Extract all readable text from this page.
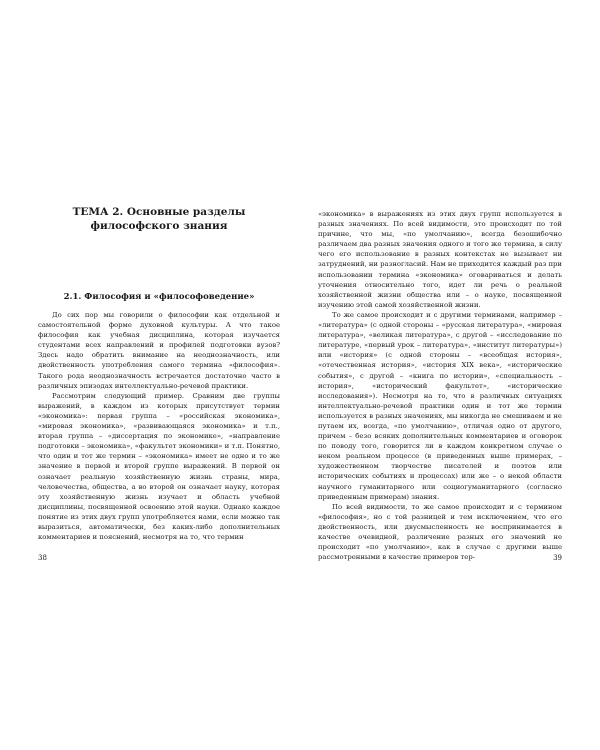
ТЕМА 2. Основные разделы
философского знания
2.1. Философия и «философоведение»

До сих пор мы говорили о философии как отдельной и самостоятельной форме духовной культуры. А что такое философия как учебная дисциплина, которая изучается студентами всех направлений и профилей подготовки вузов? Здесь надо обратить внимание на неоднозначность, или двойственность употребления самого термина «философия». Такого рода неоднозначность встречается достаточно часто в различных эпизодах интеллектуально-речевой практики.

Рассмотрим следующий пример. Сравним две группы выражений, в каждом из которых присутствует термин «экономика»: первая группа – «российская экономика», «мировая экономика», «развивающаяся экономика» и т.п., вторая группа – «диссертация по экономике», «направление подготовки – экономика», «факультет экономики» и т.п. Понятно, что один и тот же термин – «экономика» имеет не одно и то же значение в первой и второй группе выражений. В первой он означает реальную хозяйственную жизнь страны, мира, человечества, общества, а во второй он означает науку, которая эту хозяйственную жизнь изучает и область учебной дисциплины, посвященной освоению этой науки. Однако каждое понятие из этих двух групп употребляется нами, если можно так выразиться, автоматически, без каких-либо дополнительных комментариев и пояснений, несмотря на то, что термин

38

«экономика» в выражениях из этих двух групп используется в разных значениях. По всей видимости, это происходит по той причине, что мы, «по умолчанию», всегда безошибочно различаем два разных значения одного и того же термина, в силу чего его использование в разных контекстах не вызывает ни затруднений, ни разногласий. Нам не приходится каждый раз при использовании термина «экономика» оговариваться и делать уточнения относительно того, идет ли речь о реальной хозяйственной жизни общества или – о науке, посвященной изучению этой самой хозяйственной жизни.

То же самое происходит и с другими терминами, например – «литература» (с одной стороны – «русская литература», «мировая литература», «великая литература», с другой – «исследование по литературе, «первый урок – литература», «институт литературы») или «история» (с одной стороны – «всеобщая история», «отечественная история», «история XIX века», «исторические события», с другой – «книга по истории», «специальность – история», «исторический факультет», «исторические исследования»). Несмотря на то, что в различных ситуациях интеллектуально-речевой практики один и тот же термин используется в разных значениях, мы никогда не смешиваем и не путаем их, всегда, «по умолчанию», отличая одно от другого, причем – безо всяких дополнительных комментариев и оговорок по поводу того, говорится ли в каждом конкретном случае о неком реальном процессе (в приведенных выше примерах, – художественном творчестве писателей и поэтов или исторических событиях и процессах) или же – о некой области научного гуманитарного или социогуманитарного (согласно приведенным примерам) знания.

По всей видимости, то же самое происходит и с термином «философия», но с той разницей и тем исключением, что его двойственность, или двусмысленность не воспринимается в качестве очевидной, различение разных его значений не происходит «по умолчанию», как в случае с другими выше рассмотренными в качестве примеров тер-	39
